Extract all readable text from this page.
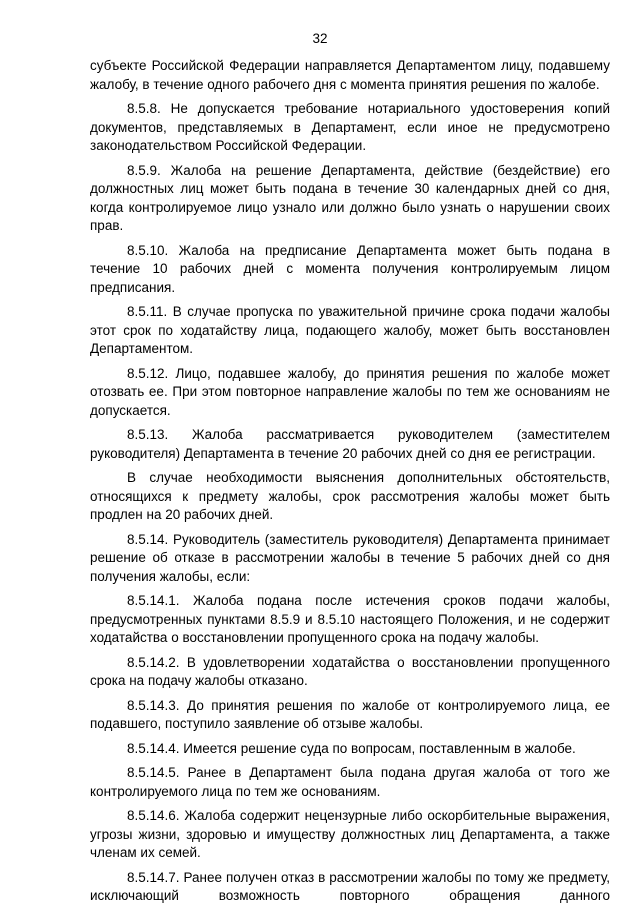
32

субъекте Российской Федерации направляется Департаментом лицу, подавшему жалобу, в течение одного рабочего дня с момента принятия решения по жалобе.

8.5.8. Не допускается требование нотариального удостоверения копий документов, представляемых в Департамент, если иное не предусмотрено законодательством Российской Федерации.

8.5.9. Жалоба на решение Департамента, действие (бездействие) его должностных лиц может быть подана в течение 30 календарных дней со дня, когда контролируемое лицо узнало или должно было узнать о нарушении своих прав.

8.5.10. Жалоба на предписание Департамента может быть подана в течение 10 рабочих дней с момента получения контролируемым лицом предписания.

8.5.11. В случае пропуска по уважительной причине срока подачи жалобы этот срок по ходатайству лица, подающего жалобу, может быть восстановлен Департаментом.

8.5.12. Лицо, подавшее жалобу, до принятия решения по жалобе может отозвать ее. При этом повторное направление жалобы по тем же основаниям не допускается.

8.5.13. Жалоба рассматривается руководителем (заместителем руководителя) Департамента в течение 20 рабочих дней со дня ее регистрации.

В случае необходимости выяснения дополнительных обстоятельств, относящихся к предмету жалобы, срок рассмотрения жалобы может быть продлен на 20 рабочих дней.

8.5.14. Руководитель (заместитель руководителя) Департамента принимает решение об отказе в рассмотрении жалобы в течение 5 рабочих дней со дня получения жалобы, если:

8.5.14.1. Жалоба подана после истечения сроков подачи жалобы, предусмотренных пунктами 8.5.9 и 8.5.10 настоящего Положения, и не содержит ходатайства о восстановлении пропущенного срока на подачу жалобы.

8.5.14.2. В удовлетворении ходатайства о восстановлении пропущенного срока на подачу жалобы отказано.

8.5.14.3. До принятия решения по жалобе от контролируемого лица, ее подавшего, поступило заявление об отзыве жалобы.

8.5.14.4. Имеется решение суда по вопросам, поставленным в жалобе.

8.5.14.5. Ранее в Департамент была подана другая жалоба от того же контролируемого лица по тем же основаниям.

8.5.14.6. Жалоба содержит нецензурные либо оскорбительные выражения, угрозы жизни, здоровью и имуществу должностных лиц Департамента, а также членам их семей.

8.5.14.7. Ранее получен отказ в рассмотрении жалобы по тому же предмету, исключающий возможность повторного обращения данного
